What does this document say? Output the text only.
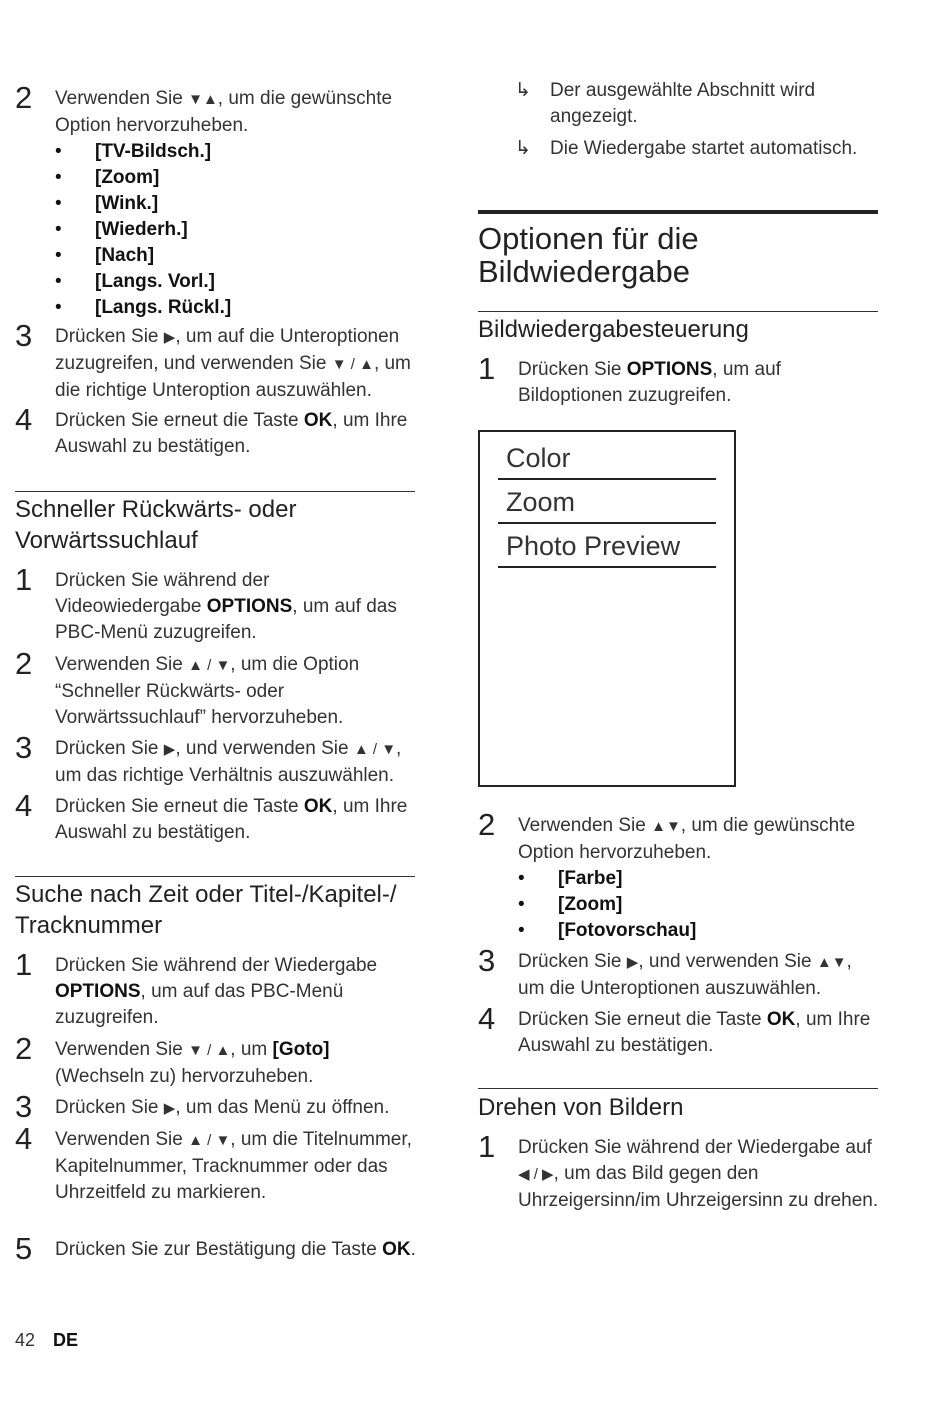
2 Verwenden Sie ▼▲, um die gewünschte Option hervorzuheben.
• [TV-Bildsch.]
• [Zoom]
• [Wink.]
• [Wiederh.]
• [Nach]
• [Langs. Vorl.]
• [Langs. Rückl.]
3 Drücken Sie ▶, um auf die Unteroptionen zuzugreifen, und verwenden Sie ▼ / ▲, um die richtige Unteroption auszuwählen.
4 Drücken Sie erneut die Taste OK, um Ihre Auswahl zu bestätigen.
Schneller Rückwärts- oder Vorwärtssuchlauf
1 Drücken Sie während der Videowiedergabe OPTIONS, um auf das PBC-Menü zuzugreifen.
2 Verwenden Sie ▲ / ▼, um die Option “Schneller Rückwärts- oder Vorwärtssuchlauf” hervorzuheben.
3 Drücken Sie ▶, und verwenden Sie ▲ / ▼, um das richtige Verhältnis auszuwählen.
4 Drücken Sie erneut die Taste OK, um Ihre Auswahl zu bestätigen.
Suche nach Zeit oder Titel-/Kapitel-/ Tracknummer
1 Drücken Sie während der Wiedergabe OPTIONS, um auf das PBC-Menü zuzugreifen.
2 Verwenden Sie ▼ / ▲, um [Goto] (Wechseln zu) hervorzuheben.
3 Drücken Sie ▶, um das Menü zu öffnen.
4 Verwenden Sie ▲ / ▼, um die Titelnummer, Kapitelnummer, Tracknummer oder das Uhrzeitfeld zu markieren.
5 Drücken Sie zur Bestätigung die Taste OK.
↳ Der ausgewählte Abschnitt wird angezeigt.
↳ Die Wiedergabe startet automatisch.
Optionen für die Bildwiedergabe
Bildwiedergabesteuerung
1 Drücken Sie OPTIONS, um auf Bildoptionen zuzugreifen.
Color
Zoom
Photo Preview
2 Verwenden Sie ▲▼, um die gewünschte Option hervorzuheben.
• [Farbe]
• [Zoom]
• [Fotovorschau]
3 Drücken Sie ▶, und verwenden Sie ▲▼, um die Unteroptionen auszuwählen.
4 Drücken Sie erneut die Taste OK, um Ihre Auswahl zu bestätigen.
Drehen von Bildern
1 Drücken Sie während der Wiedergabe auf ◀ / ▶, um das Bild gegen den Uhrzeigersinn/im Uhrzeigersinn zu drehen.
42 DE
